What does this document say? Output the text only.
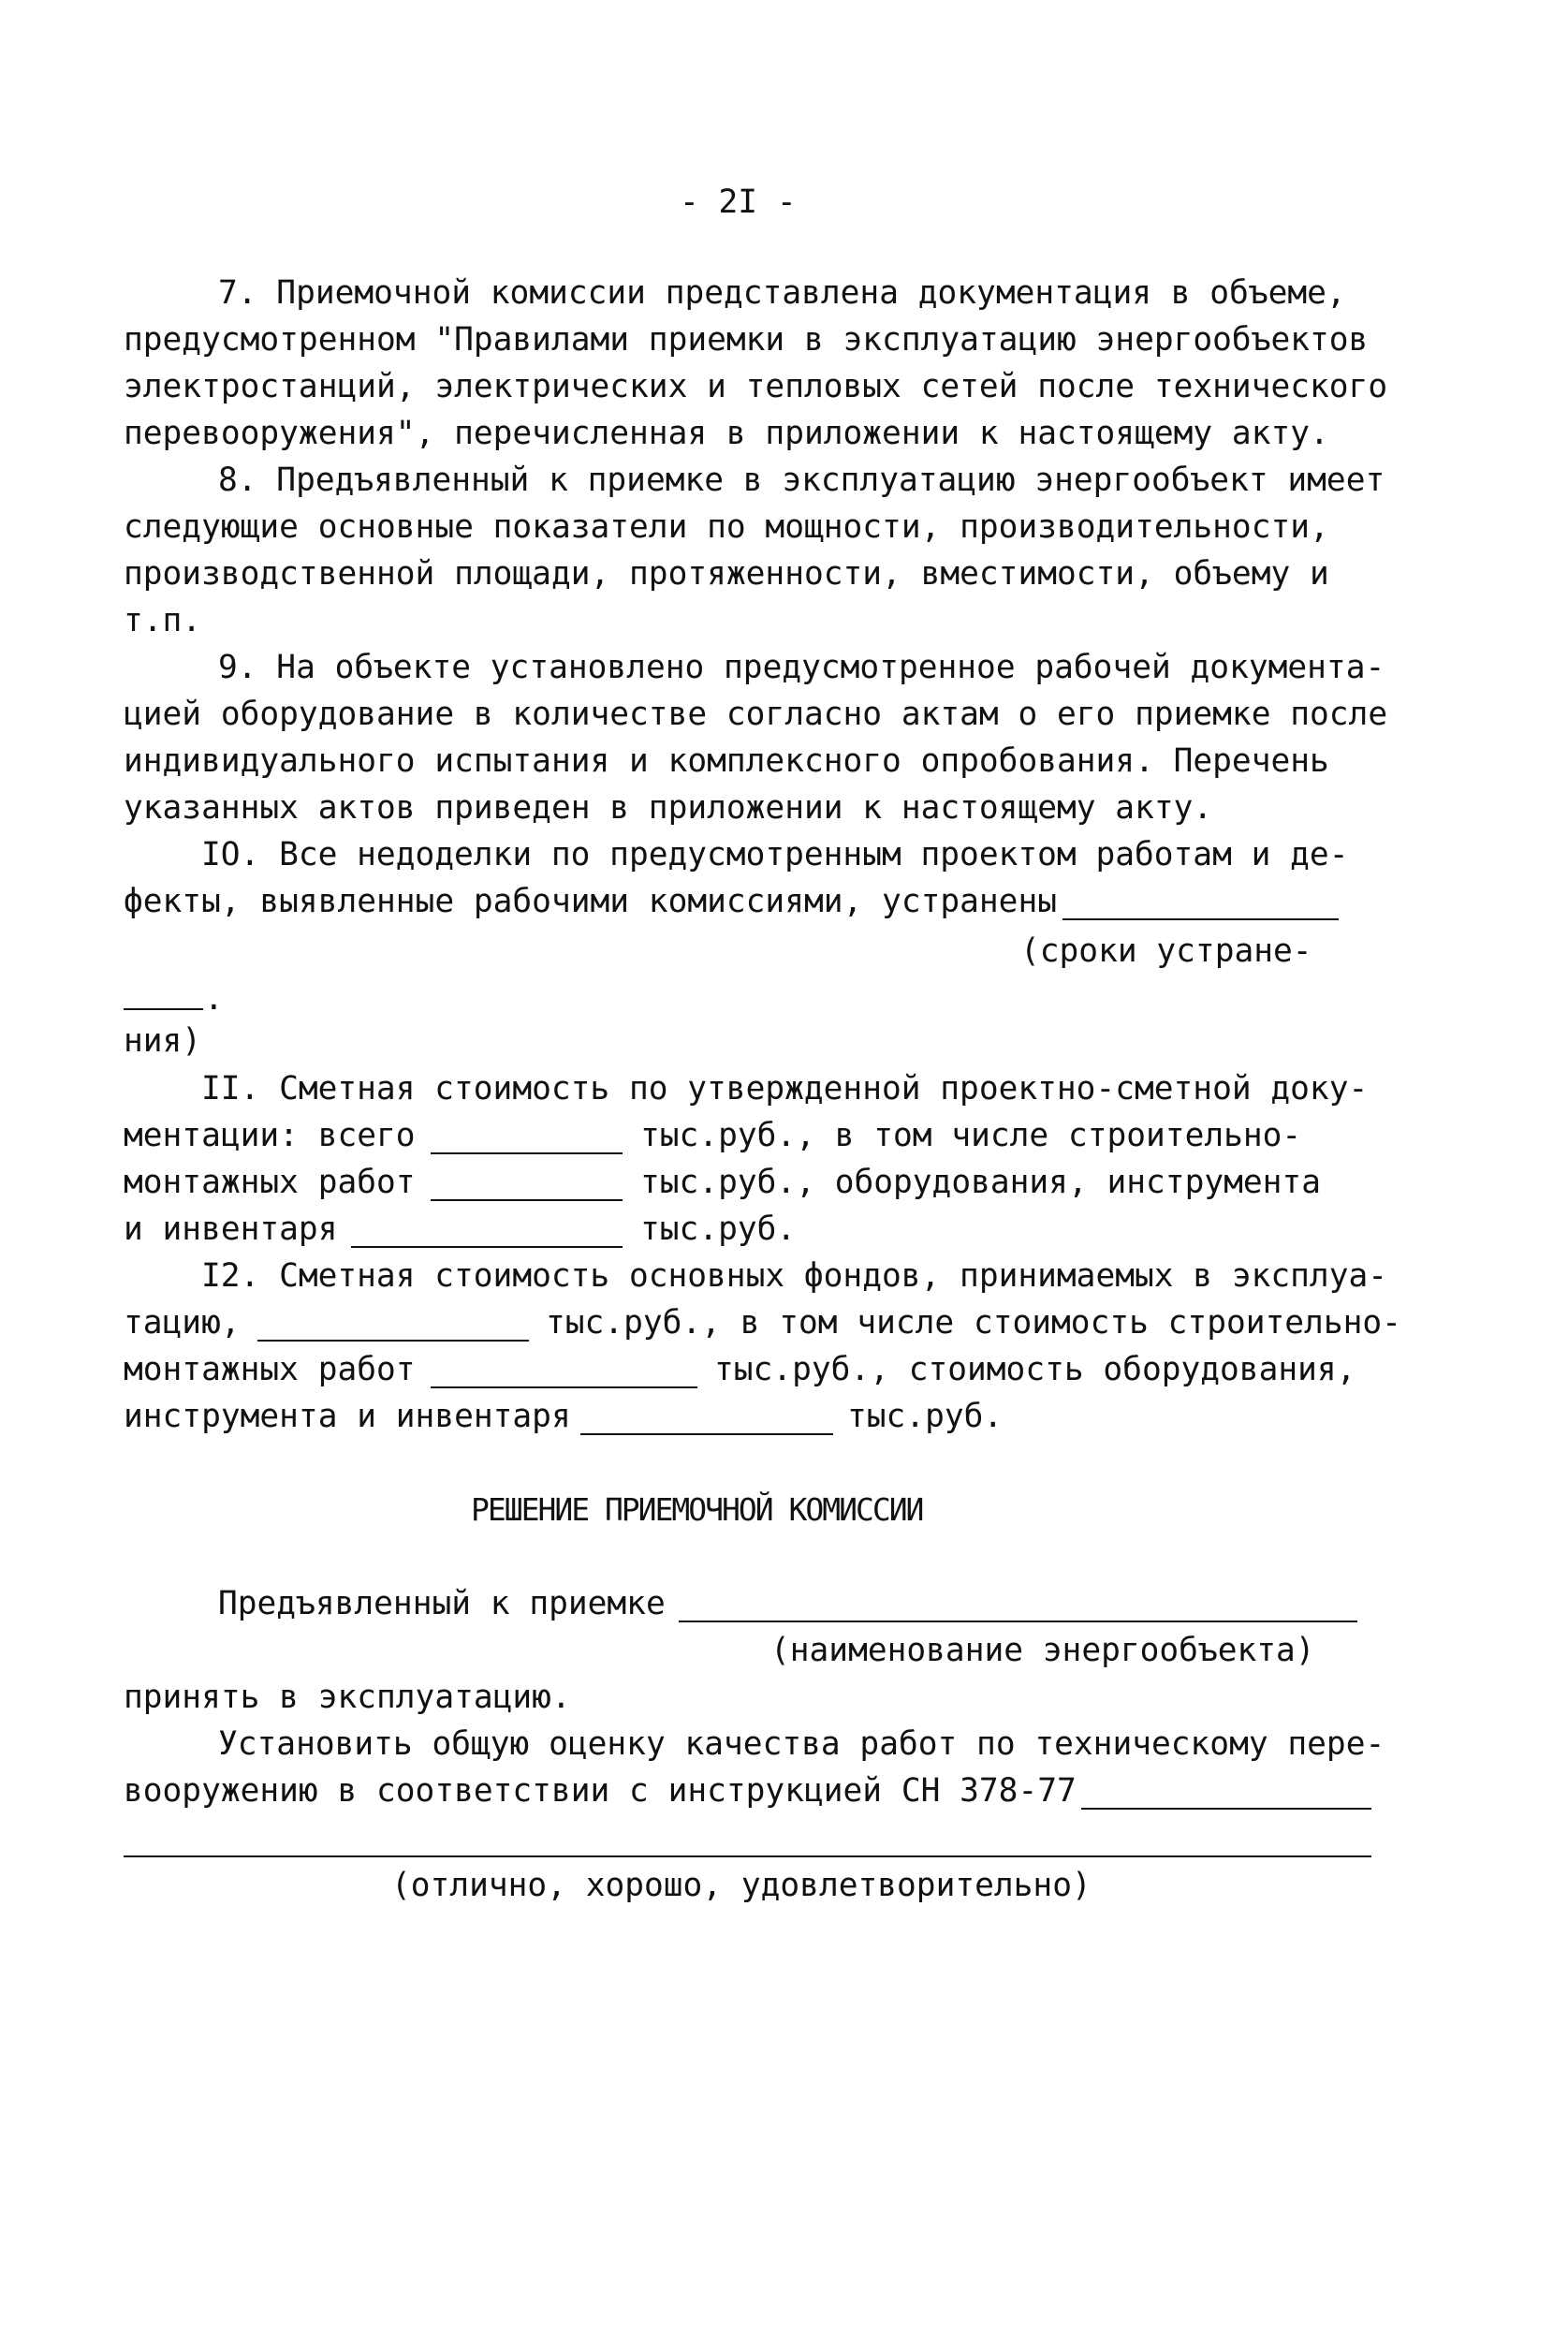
- 2I -
7. Приемочной комиссии представлена документация в объеме,
предусмотренном "Правилами приемки в эксплуатацию энергообъектов
электростанций, электрических и тепловых сетей после технического
перевооружения", перечисленная в приложении к настоящему акту.
8. Предъявленный к приемке в эксплуатацию энергообъект имеет
следующие основные показатели по мощности, производительности,
производственной площади, протяженности, вместимости, объему и
т.п.
9. На объекте установлено предусмотренное рабочей документа-
цией оборудование в количестве согласно актам о его приемке после
индивидуального испытания и комплексного опробования. Перечень
указанных актов приведен в приложении к настоящему акту.
IO. Все недоделки по предусмотренным проектом работам и де-
фекты, выявленные рабочими комиссиями, устранены
(сроки устране-
.
ния)
II. Сметная стоимость по утвержденной проектно-сметной доку-
ментации: всего	тыс.руб., в том числе строительно-
монтажных работ	тыс.руб., оборудования, инструмента
и инвентаря	тыс.руб.
I2. Сметная стоимость основных фондов, принимаемых в эксплуа-
тацию,	тыс.руб., в том числе стоимость строительно-
монтажных работ	тыс.руб., стоимость оборудования,
инструмента и инвентаря	тыс.руб.
РЕШЕНИЕ ПРИЕМОЧНОЙ КОМИССИИ
Предъявленный к приемке
(наименование энергообъекта)
принять в эксплуатацию.
Установить общую оценку качества работ по техническому пере-
вооружению в соответствии с инструкцией СН 378-77
(отлично, хорошо, удовлетворительно)
